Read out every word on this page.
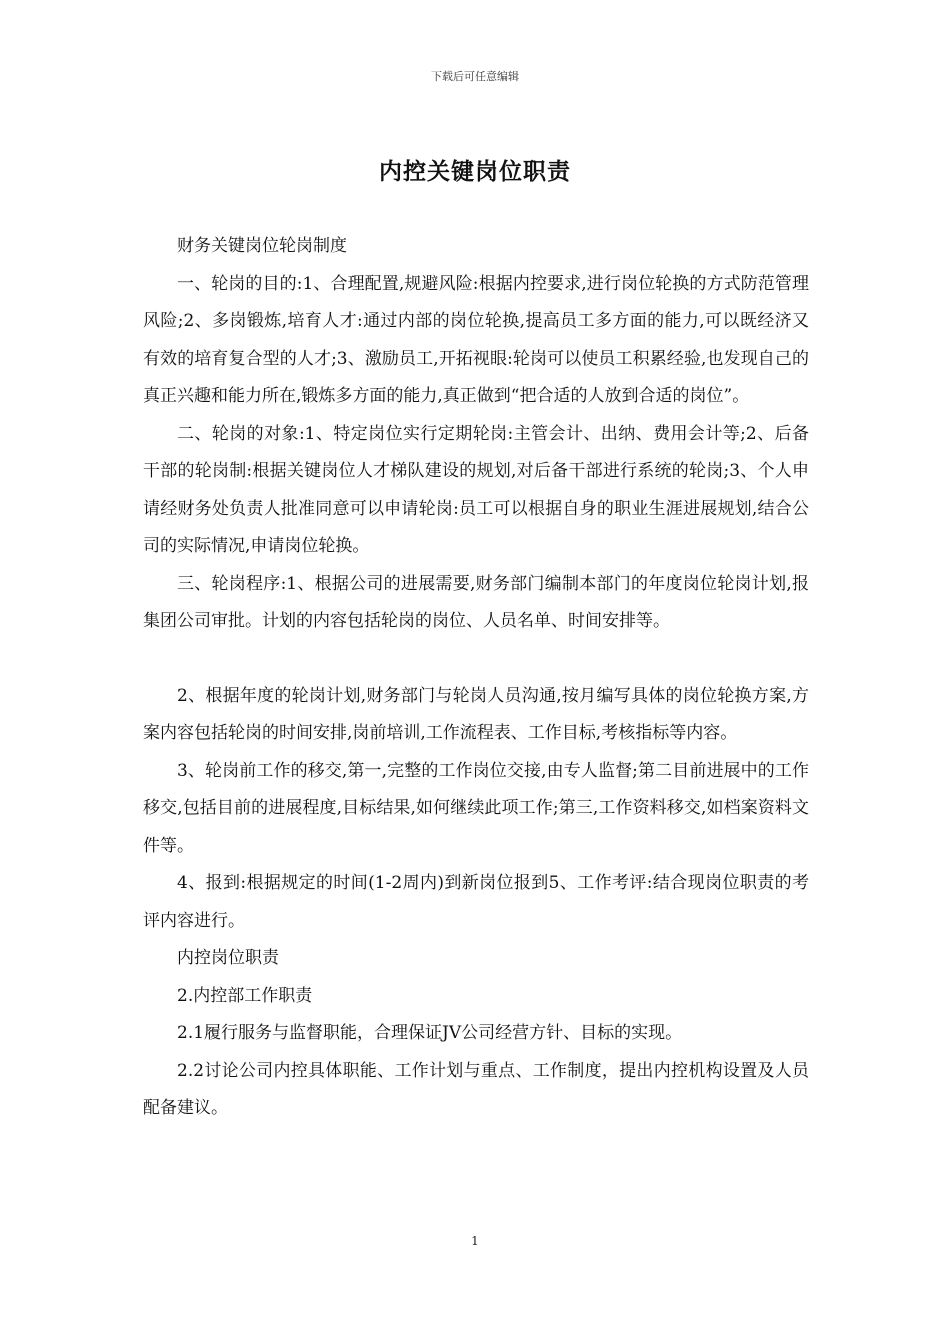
下载后可任意编辑
内控关键岗位职责

财务关键岗位轮岗制度

一、轮岗的目的:1、合理配置,规避风险:根据内控要求,进行岗位轮换的方式防范管理风险;2、多岗锻炼,培育人才:通过内部的岗位轮换,提高员工多方面的能力,可以既经济又有效的培育复合型的人才;3、激励员工,开拓视眼:轮岗可以使员工积累经验,也发现自己的真正兴趣和能力所在,锻炼多方面的能力,真正做到“把合适的人放到合适的岗位”。

二、轮岗的对象:1、特定岗位实行定期轮岗:主管会计、出纳、费用会计等;2、后备干部的轮岗制:根据关键岗位人才梯队建设的规划,对后备干部进行系统的轮岗;3、个人申请经财务处负责人批准同意可以申请轮岗:员工可以根据自身的职业生涯进展规划,结合公司的实际情况,申请岗位轮换。

三、轮岗程序:1、根据公司的进展需要,财务部门编制本部门的年度岗位轮岗计划,报集团公司审批。计划的内容包括轮岗的岗位、人员名单、时间安排等。

2、根据年度的轮岗计划,财务部门与轮岗人员沟通,按月编写具体的岗位轮换方案,方案内容包括轮岗的时间安排,岗前培训,工作流程表、工作目标,考核指标等内容。

3、轮岗前工作的移交,第一,完整的工作岗位交接,由专人监督;第二目前进展中的工作移交,包括目前的进展程度,目标结果,如何继续此项工作;第三,工作资料移交,如档案资料文件等。

4、报到:根据规定的时间(1-2周内)到新岗位报到5、工作考评:结合现岗位职责的考评内容进行。

内控岗位职责

2.内控部工作职责

2.1履行服务与监督职能，合理保证JV公司经营方针、目标的实现。

2.2讨论公司内控具体职能、工作计划与重点、工作制度，提出内控机构设置及人员配备建议。

1
